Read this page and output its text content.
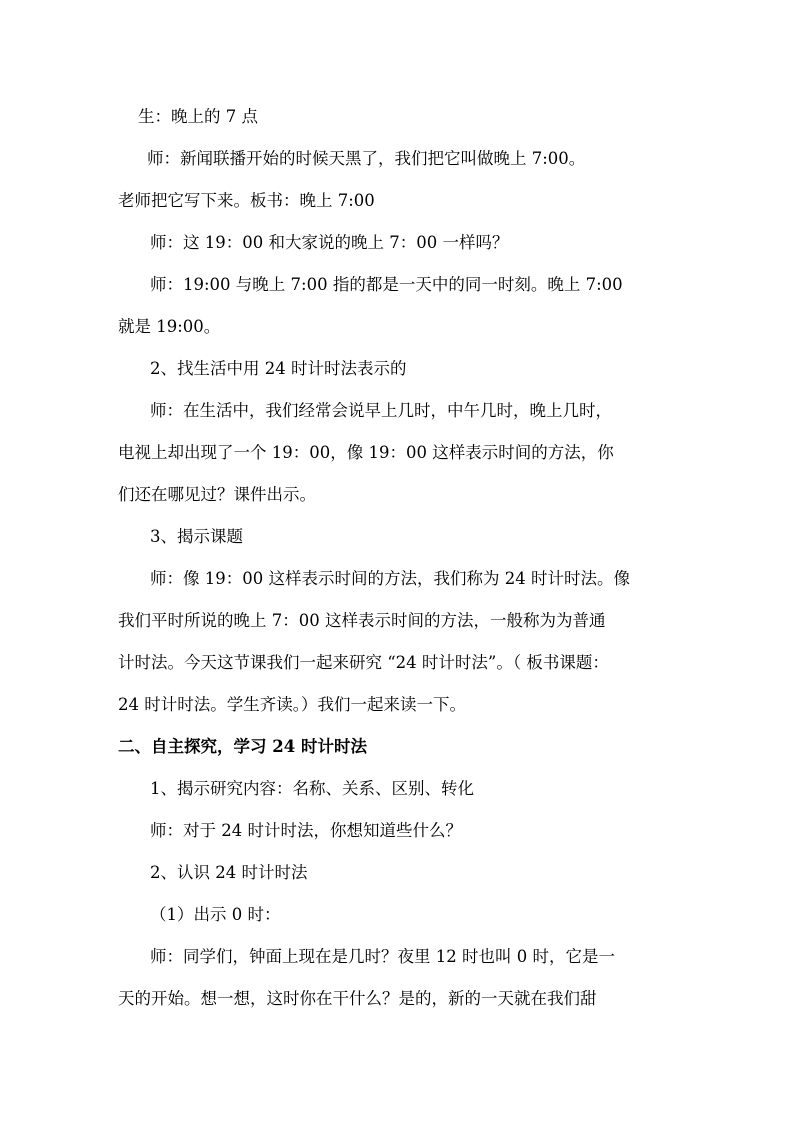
生：晚上的 7 点
师：新闻联播开始的时候天黑了，我们把它叫做晚上 7:00。
老师把它写下来。板书：晚上 7:00
师：这 19：00 和大家说的晚上 7：00 一样吗？
师：19:00 与晚上 7:00 指的都是一天中的同一时刻。晚上 7:00
就是 19:00。
2、找生活中用 24 时计时法表示的
师：在生活中，我们经常会说早上几时，中午几时，晚上几时，
电视上却出现了一个 19：00，像 19：00 这样表示时间的方法，你
们还在哪见过？课件出示。
3、揭示课题
师：像 19：00 这样表示时间的方法，我们称为 24 时计时法。像
我们平时所说的晚上 7：00 这样表示时间的方法，一般称为为普通
计时法。今天这节课我们一起来研究 “24 时计时法”。（ 板书课题：
24 时计时法。学生齐读。）我们一起来读一下。
二、自主探究，学习 24 时计时法
1、揭示研究内容：名称、关系、区别、转化
师：对于 24 时计时法，你想知道些什么？
2、认识 24 时计时法
（1）出示 0 时：
师：同学们，钟面上现在是几时？夜里 12 时也叫 0 时，它是一
天的开始。想一想，这时你在干什么？是的，新的一天就在我们甜
